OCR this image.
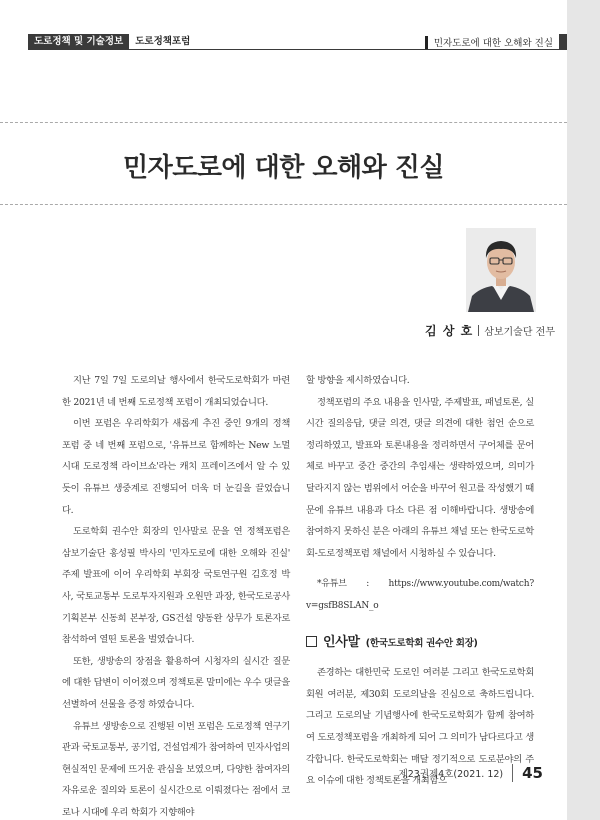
도로정책 및 기술정보	도로정책포럼	민자도로에 대한 오해와 진실
민자도로에 대한 오해와 진실
김 상 호 삼보기술단 전무

지난 7일 7일 도로의날 행사에서 한국도로학회가 마련한 2021년 네 번째 도로정책 포럼이 개최되었습니다.

이번 포럼은 우리학회가 새롭게 추진 중인 9개의 정책 포럼 중 네 번째 포럼으로, '유튜브로 함께하는 New 노멀시대 도로정책 라이브쇼'라는 캐치 프레이즈에서 알 수 있듯이 유튜브 생중계로 진행되어 더욱 더 눈길을 끌었습니다.

도로학회 권수안 회장의 인사말로 문을 연 정책포럼은 삼보기술단 홍성필 박사의 '민자도로에 대한 오해와 진실' 주제 발표에 이어 우리학회 부회장 국토연구원 김호정 박사, 국토교통부 도로투자지원과 오원만 과장, 한국도로공사 기획본부 신동희 본부장, GS건설 양동완 상무가 토론자로 참석하여 열띤 토론을 벌였습니다.

또한, 생방송의 장점을 활용하여 시청자의 실시간 질문에 대한 답변이 이어졌으며 정책토론 말미에는 우수 댓글을 선별하여 선물을 증정 하였습니다.

유튜브 생방송으로 진행된 이번 포럼은 도로정책 연구기관과 국토교통부, 공기업, 건설업계가 참여하여 민자사업의 현실적인 문제에 뜨거운 관심을 보였으며, 다양한 참여자의 자유로운 질의와 토론이 실시간으로 이뤄졌다는 점에서 코로나 시대에 우리 학회가 지향해야

할 방향을 제시하였습니다.

정책포럼의 주요 내용을 인사말, 주제발표, 패널토론, 실시간 질의응답, 댓글 의견, 댓글 의견에 대한 첨언 순으로 정리하였고, 발표와 토론내용을 정리하면서 구어체를 문어체로 바꾸고 중간 중간의 추임새는 생략하였으며, 의미가 달라지지 않는 범위에서 어순을 바꾸어 원고를 작성했기 때문에 유튜브 내용과 다소 다른 점 이해바랍니다. 생방송에 참여하지 못하신 분은 아래의 유튜브 채널 또는 한국도로학회-도로정책포럼 채널에서 시청하실 수 있습니다.

*유튜브 : https://www.youtube.com/watch?v=gsfB8SLAN_o

인사말 (한국도로학회 권수안 회장)

존경하는 대한민국 도로인 여러분 그리고 한국도로학회회원 여러분, 제30회 도로의날을 진심으로 축하드립니다. 그리고 도로의날 기념행사에 한국도로학회가 함께 참여하여 도로정책포럼을 개최하게 되어 그 의미가 남다르다고 생각합니다. 한국도로학회는 매달 정기적으로 도로분야의 주요 이슈에 대한 정책토론을 개최함으

제23권제4호(2021. 12) 45
